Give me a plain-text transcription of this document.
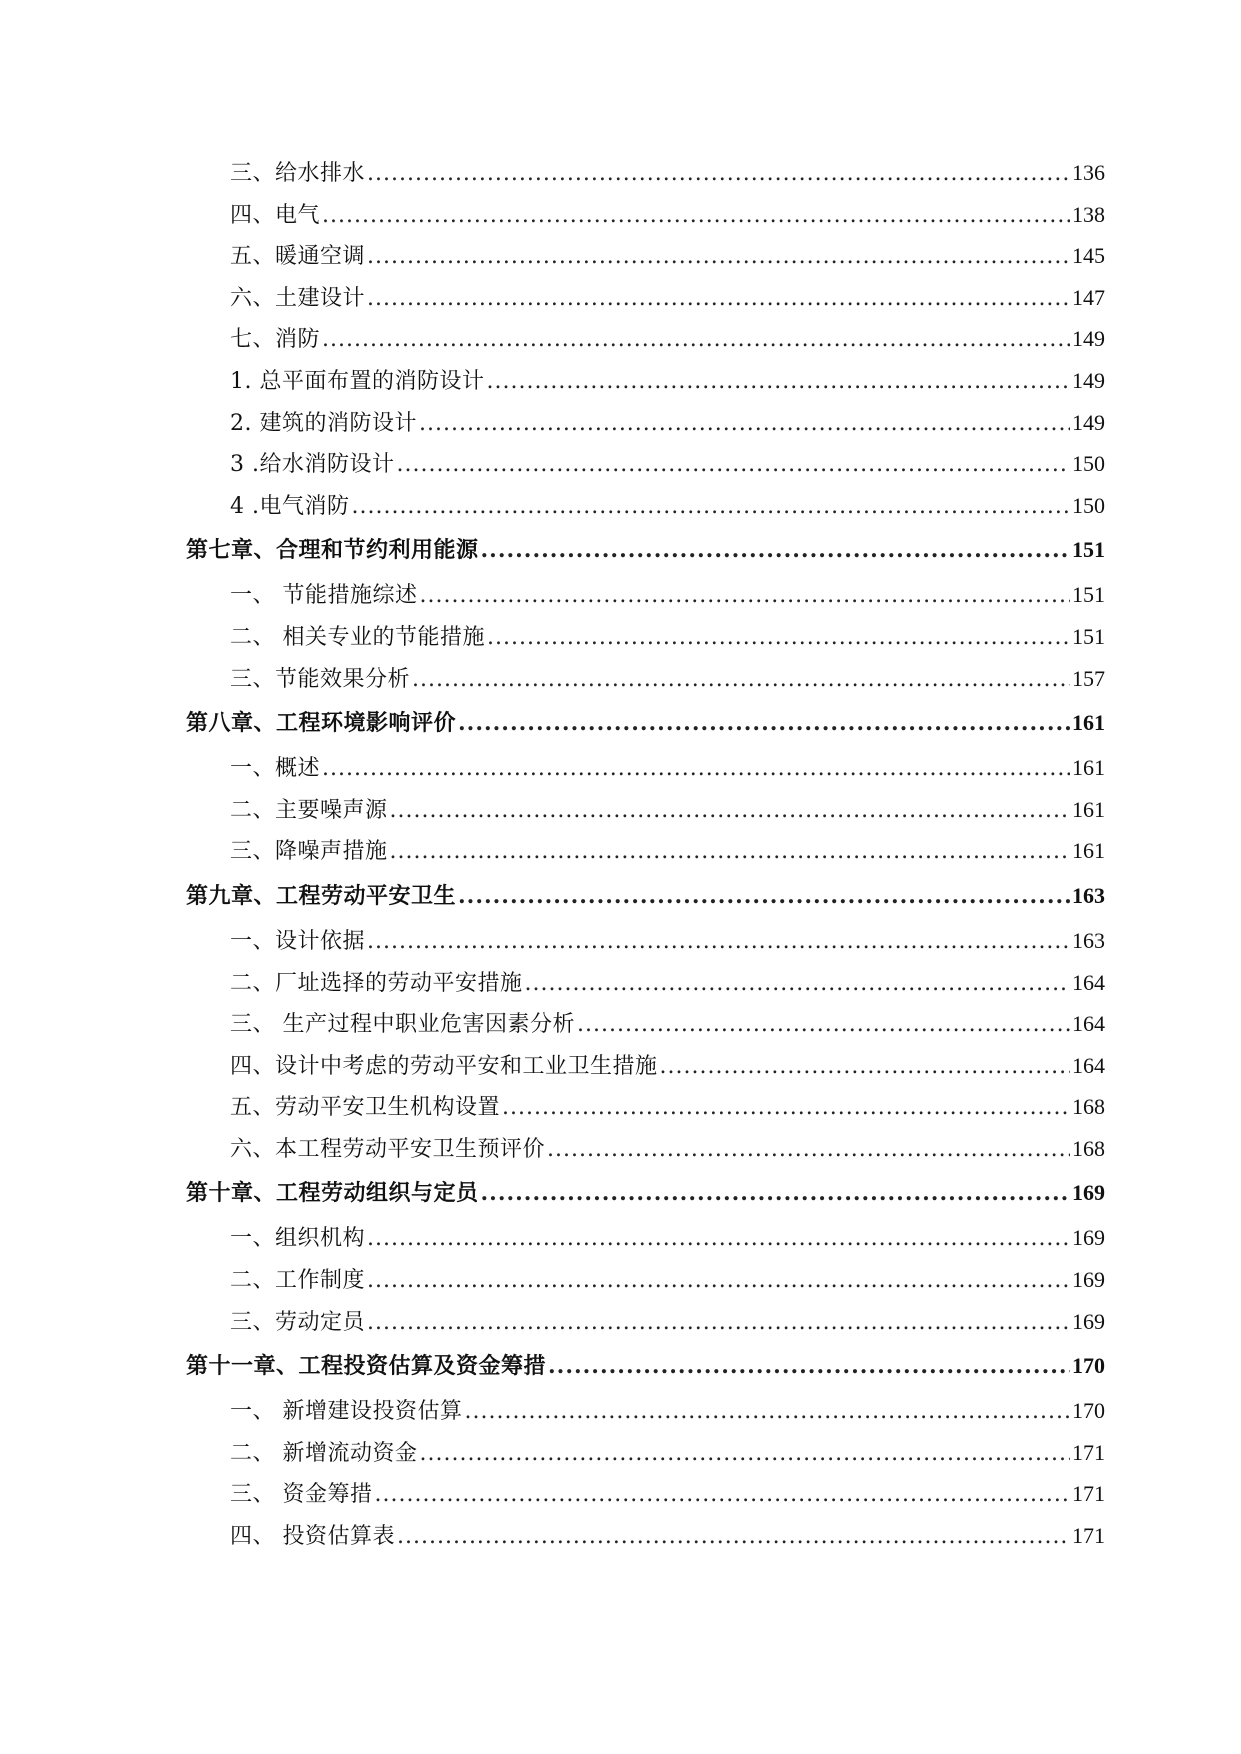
三、给水排水 .....	136
四、电气 .....	138
五、暖通空调 .....	145
六、土建设计 .....	147
七、消防 .....	149
1. 总平面布置的消防设计 .....	149
2. 建筑的消防设计 .....	149
3 .给水消防设计 .....	150
4 .电气消防 .....	150
第七章、合理和节约利用能源 .....	151
一、 节能措施综述 .....	151
二、 相关专业的节能措施 .....	151
三、节能效果分析 .....	157
第八章、工程环境影响评价 .....	161
一、概述 .....	161
二、主要噪声源 .....	161
三、降噪声措施 .....	161
第九章、工程劳动平安卫生 .....	163
一、设计依据 .....	163
二、厂址选择的劳动平安措施 .....	164
三、 生产过程中职业危害因素分析 .....	164
四、设计中考虑的劳动平安和工业卫生措施 .....	164
五、劳动平安卫生机构设置 .....	168
六、本工程劳动平安卫生预评价 .....	168
第十章、工程劳动组织与定员 .....	169
一、组织机构 .....	169
二、工作制度 .....	169
三、劳动定员 .....	169
第十一章、工程投资估算及资金筹措 .....	170
一、 新增建设投资估算 .....	170
二、 新增流动资金 .....	171
三、 资金筹措 .....	171
四、 投资估算表 .....	171
